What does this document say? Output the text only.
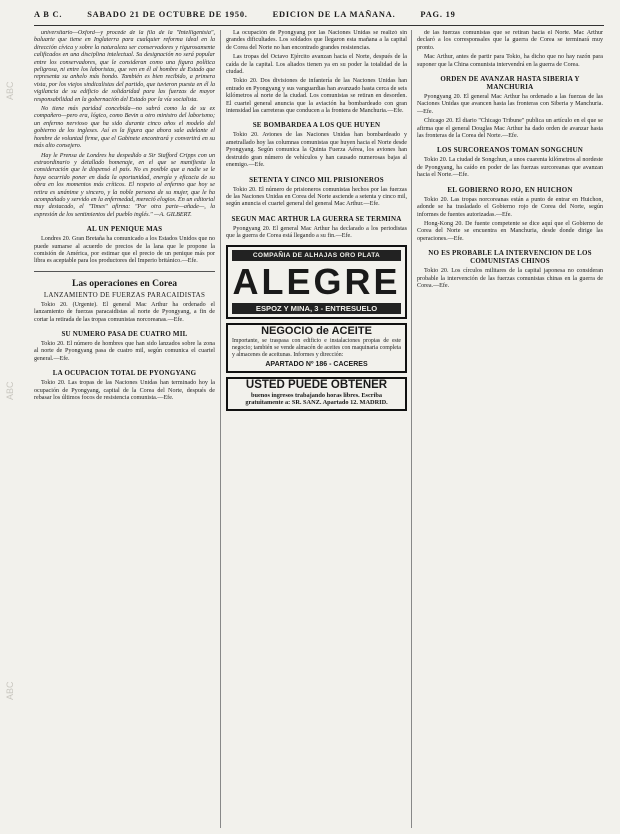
ABC
ABC
ABC
A B C.	SABADO 21 DE OCTUBRE DE 1950.	EDICION DE LA MAÑANA.	PAG. 19

universitario—Oxford—y procede de la fila de la "Intelligentsia", baluarte que tiene en Inglaterra para cualquier reforma ideal en la dirección cívica y sobre la naturaleza ser conservadores y rigurosamente calificados en una disciplina intelectual. Su designación no será popular entre los conservadores, que le consideran como una figura política peligrosa, ni entre los laboristas, que ven en él al hombre de Estado que representa su anhelo más hondo. También es bien recibido, a primera vista, por los viejos sindicalistas del partido, que tuvieron puesta en él la vigilancia de su edificio de solidaridad para las fuerzas de mayor responsabilidad en la gobernación del Estado por la vía socialista.

No tiene más paridad concebida—no sabrá como la de su ex compañero—pero era, lógico, como Bevin u otro ministro del laborismo; un enfermo nervioso que ha sido durante cinco años el modelo del gobierno de los ingleses. Así es la figura que ahora sale adelante el hombre de voluntad firme, que el Gabinete encontrará y convertirá en su más alto consejero.

Hay le Prensa de Londres ha despedido a Sir Stafford Cripps con un extraordinario y detallado homenaje, en el que se manifiesta la consideración que le dispensó el país. No es posible que a nadie se le haya ocurrido poner en duda la oportunidad, energía y eficacia de su obra en los momentos más críticos. El respeto al enfermo que hoy se retira es unánime y sincero, y la noble persona de su mujer, que le ha acompañado y servido en la enfermedad, mereció elogios. En un editorial muy destacado, el "Times" afirma: "Por otra parte—añade—, la expresión de los sentimientos del pueblo inglés." —A. GILBERT.

AL UN PENIQUE MAS

Londres 20. Gran Bretaña ha comunicado a los Estados Unidos que no puede sumarse al acuerdo de precios de la lana que le propone la comisión de América, por estimar que el precio de un penique más por libra es aceptable para los productores del Imperio británico.—Efe.

Las operaciones en Corea
LANZAMIENTO DE FUERZAS PARACAIDISTAS

Tokio 20. (Urgente). El general Mac Arthur ha ordenado el lanzamiento de fuerzas paracaidistas al norte de Pyongyang, a fin de cortar la retirada de las tropas comunistas norcoreanas.—Efe.

SU NUMERO PASA DE CUATRO MIL

Tokio 20. El número de hombres que han sido lanzados sobre la zona al norte de Pyongyang pasa de cuatro mil, según comunica el cuartel general.—Efe.

LA OCUPACION TOTAL DE PYONGYANG

Tokio 20. Las tropas de las Naciones Unidas han terminado hoy la ocupación de Pyongyang, capital de la Corea del Norte, después de rebasar los últimos focos de resistencia comunista.—Efe.

La ocupación de Pyongyang por las Naciones Unidas se realizó sin grandes dificultades. Los soldados que llegaron esta mañana a la capital de Corea del Norte no han encontrado grandes resistencias.

Las tropas del Octavo Ejército avanzan hacia el Norte, después de la caída de la capital. Los aliados tienen ya en su poder la totalidad de la ciudad.

Tokio 20. Dos divisiones de infantería de las Naciones Unidas han entrado en Pyongyang y sus vanguardias han avanzado hasta cerca de seis kilómetros al norte de la ciudad. Los comunistas se retiran en desorden. El cuartel general anuncia que la aviación ha bombardeado con gran intensidad las carreteras que conducen a la frontera de Manchuria.—Efe.

SE BOMBARDEA A LOS QUE HUYEN

Tokio 20. Aviones de las Naciones Unidas han bombardeado y ametrallado hoy las columnas comunistas que huyen hacia el Norte desde Pyongyang. Según comunica la Quinta Fuerza Aérea, los aviones han destruido gran número de vehículos y han causado numerosas bajas al enemigo.—Efe.

SETENTA Y CINCO MIL PRISIONEROS

Tokio 20. El número de prisioneros comunistas hechos por las fuerzas de las Naciones Unidas en Corea del Norte asciende a setenta y cinco mil, según anuncia el cuartel general del general Mac Arthur.—Efe.

SEGUN MAC ARTHUR LA GUERRA SE TERMINA

Pyongyang 20. El general Mac Arthur ha declarado a los periodistas que la guerra de Corea está llegando a su fin.—Efe.

COMPAÑIA DE ALHAJAS ORO PLATA
ALEGRE
ESPOZ Y MINA, 3 - ENTRESUELO
NEGOCIO de ACEITE
Importante, se traspasa con edificio e instalaciones propias de este negocio; también se vende almacén de aceites con maquinaria completa y almacenes de aceitunas. Informes y dirección:
APARTADO Nº 186 - CACERES
USTED PUEDE OBTENER
buenos ingresos trabajando horas libres. Escriba gratuitamente a: SR. SANZ. Apartado 12. MADRID.

de las fuerzas comunistas que se retiran hacia el Norte. Mac Arthur declaró a los corresponsales que la guerra de Corea se terminará muy pronto.

Mac Arthur, antes de partir para Tokio, ha dicho que no hay razón para suponer que la China comunista intervendrá en la guerra de Corea.

ORDEN DE AVANZAR HASTA SIBERIA Y MANCHURIA

Pyongyang 20. El general Mac Arthur ha ordenado a las fuerzas de las Naciones Unidas que avancen hasta las fronteras con Siberia y Manchuria.—Efe.

Chicago 20. El diario "Chicago Tribune" publica un artículo en el que se afirma que el general Douglas Mac Arthur ha dado orden de avanzar hasta las fronteras de la Corea del Norte.—Efe.

LOS SURCOREANOS TOMAN SONGCHUN

Tokio 20. La ciudad de Songchun, a unos cuarenta kilómetros al nordeste de Pyongyang, ha caído en poder de las fuerzas surcoreanas que avanzan hacia el Norte.—Efe.

EL GOBIERNO ROJO, EN HUICHON

Tokio 20. Las tropas norcoreanas están a punto de entrar en Huichon, adonde se ha trasladado el Gobierno rojo de Corea del Norte, según informes de fuentes autorizadas.—Efe.

Hong-Kong 20. De fuente competente se dice aquí que el Gobierno de Corea del Norte se encuentra en Manchuria, desde donde dirige las operaciones.—Efe.

NO ES PROBABLE LA INTERVENCION DE LOS COMUNISTAS CHINOS

Tokio 20. Los círculos militares de la capital japonesa no consideran probable la intervención de las fuerzas comunistas chinas en la guerra de Corea.—Efe.
